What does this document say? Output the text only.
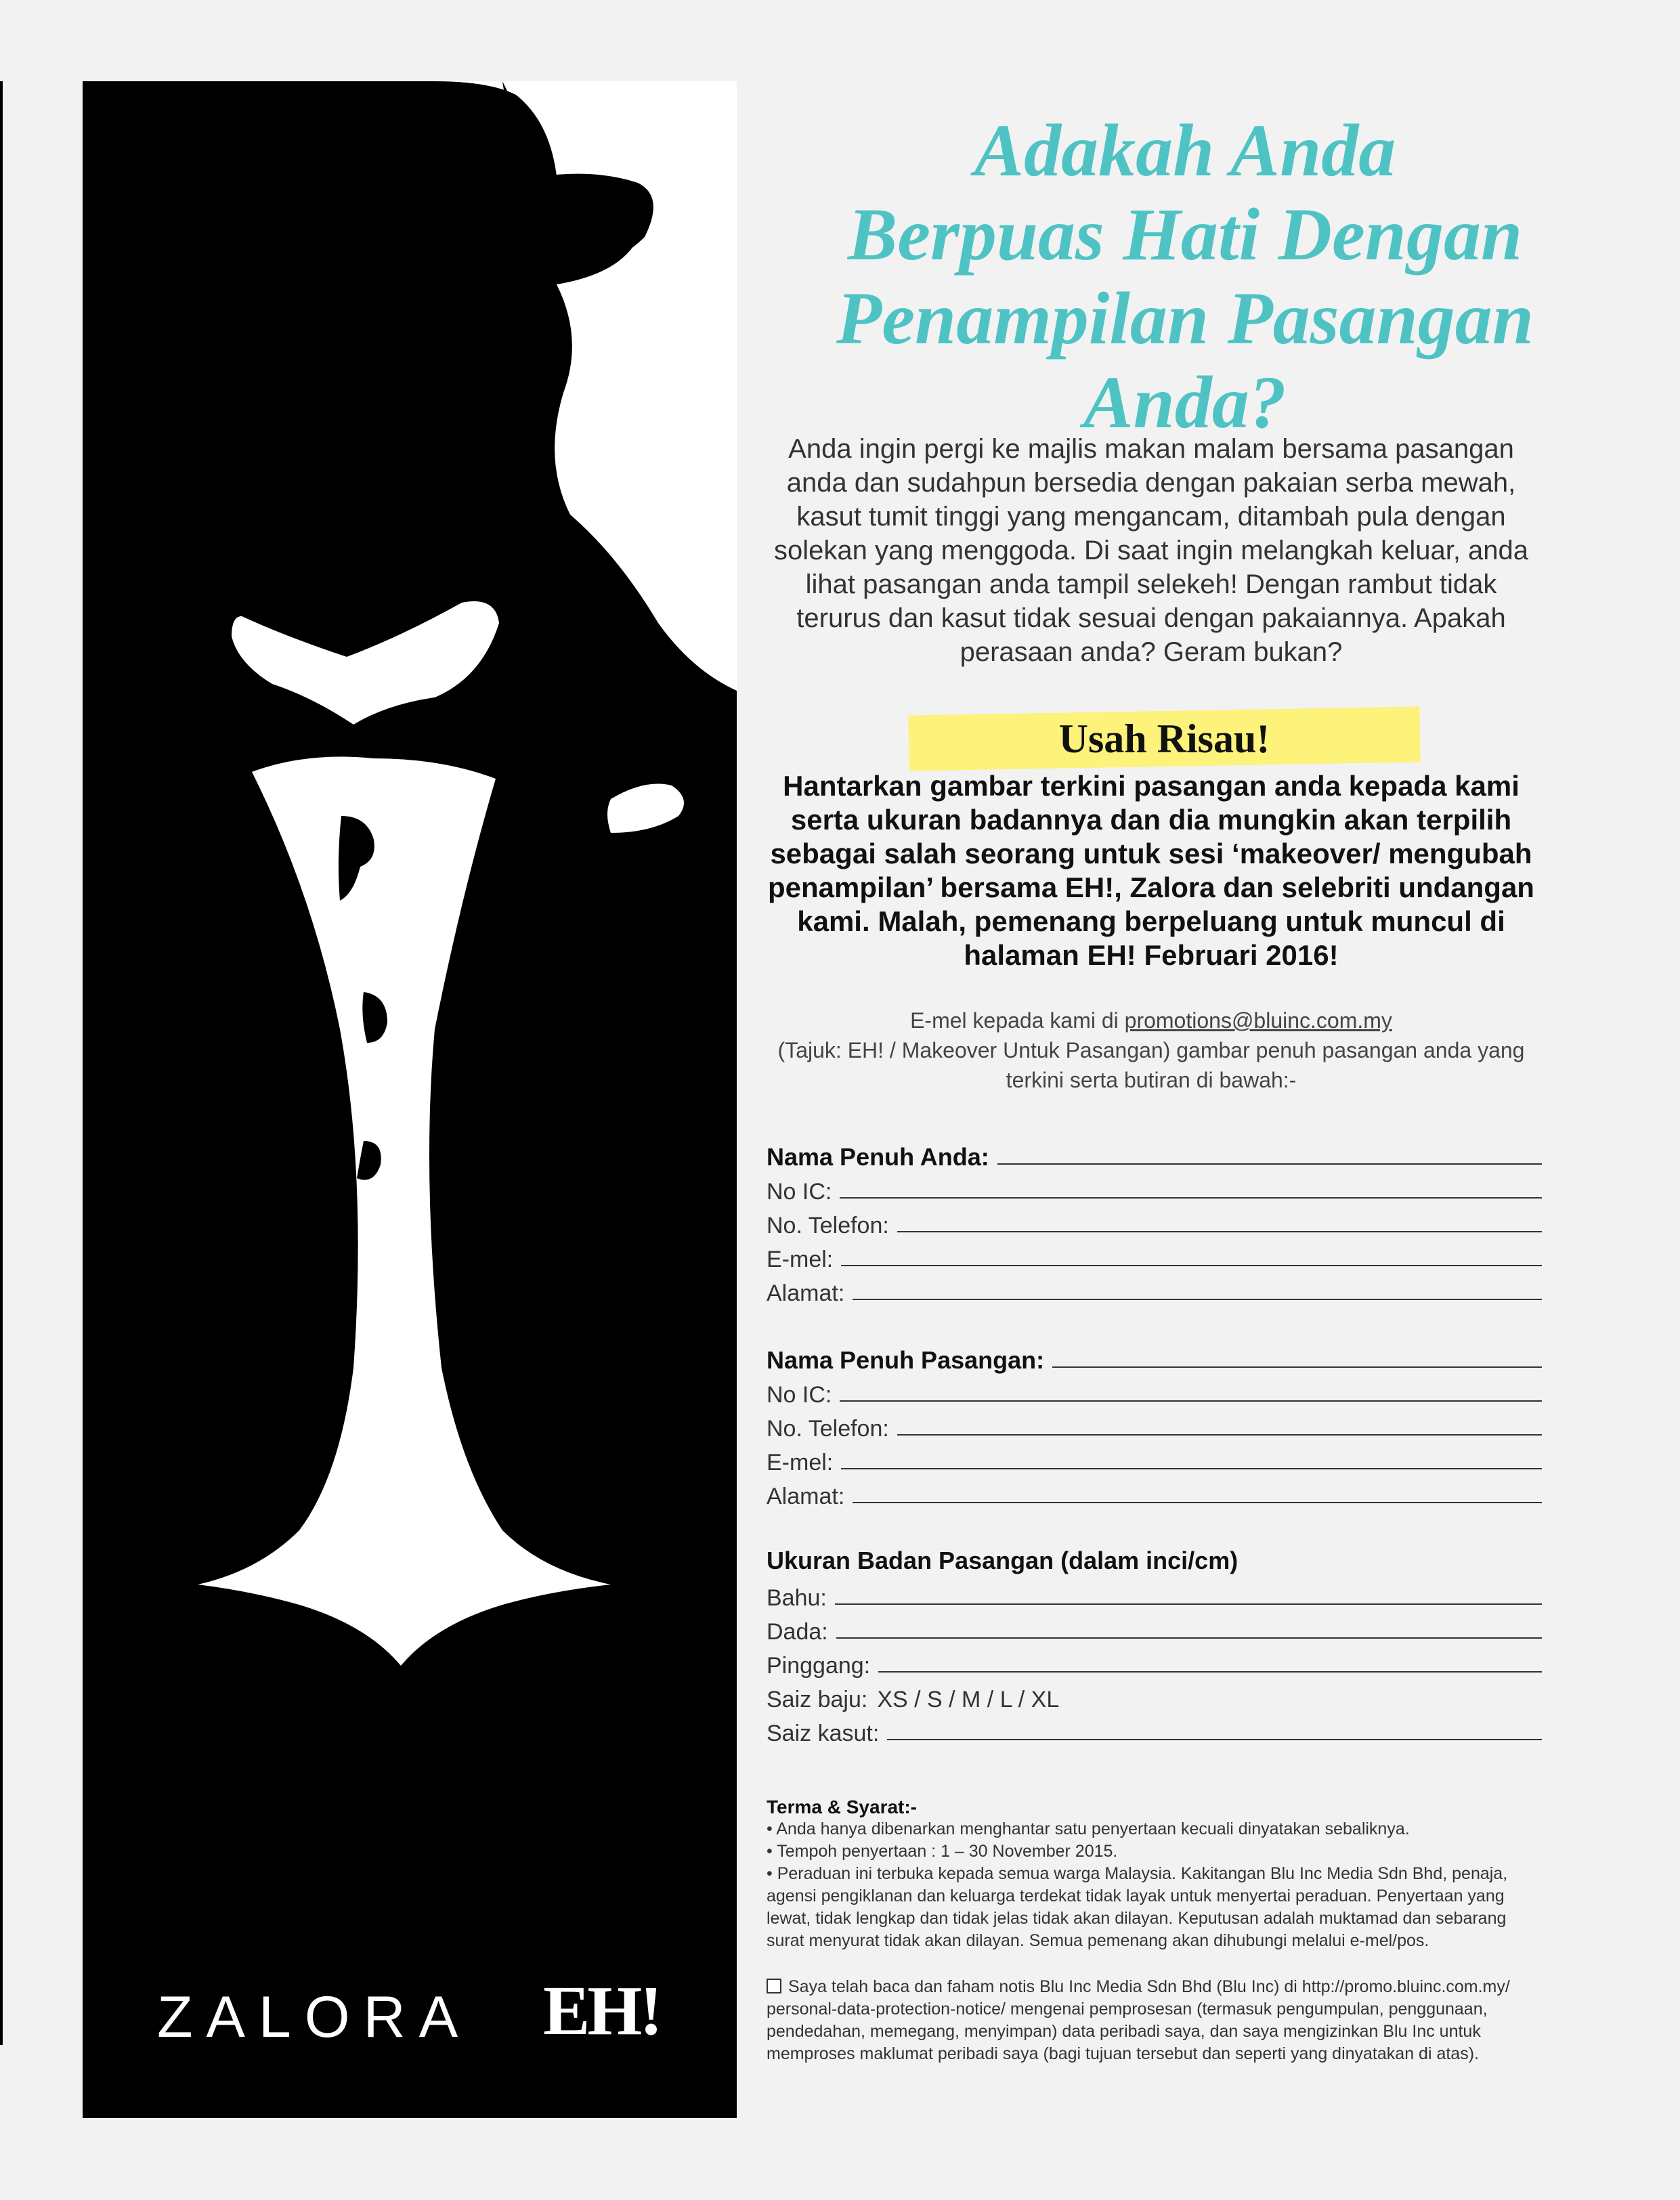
ZALORA EH!
Adakah Anda
Berpuas Hati Dengan
Penampilan Pasangan
Anda?

Anda ingin pergi ke majlis makan malam bersama pasangan anda dan sudahpun bersedia dengan pakaian serba mewah, kasut tumit tinggi yang mengancam, ditambah pula dengan solekan yang menggoda. Di saat ingin melangkah keluar, anda lihat pasangan anda tampil selekeh! Dengan rambut tidak terurus dan kasut tidak sesuai dengan pakaiannya. Apakah perasaan anda? Geram bukan?

Usah Risau!

Hantarkan gambar terkini pasangan anda kepada kami serta ukuran badannya dan dia mungkin akan terpilih sebagai salah seorang untuk sesi ‘makeover/ mengubah penampilan’ bersama EH!, Zalora dan selebriti undangan kami. Malah, pemenang berpeluang untuk muncul di halaman EH! Februari 2016!

E-mel kepada kami di promotions@bluinc.com.my
(Tajuk: EH! / Makeover Untuk Pasangan) gambar penuh pasangan anda yang terkini serta butiran di bawah:-

Nama Penuh Anda:
No IC:
No. Telefon:
E-mel:
Alamat:
Nama Penuh Pasangan:
No IC:
No. Telefon:
E-mel:
Alamat:
Ukuran Badan Pasangan (dalam inci/cm)
Bahu:
Dada:
Pinggang:
Saiz baju: XS / S / M / L / XL
Saiz kasut:

Terma & Syarat:-

• Anda hanya dibenarkan menghantar satu penyertaan kecuali dinyatakan sebaliknya.

• Tempoh penyertaan : 1 – 30 November 2015.

• Peraduan ini terbuka kepada semua warga Malaysia. Kakitangan Blu Inc Media Sdn Bhd, penaja, agensi pengiklanan dan keluarga terdekat tidak layak untuk menyertai peraduan. Penyertaan yang lewat, tidak lengkap dan tidak jelas tidak akan dilayan. Keputusan adalah muktamad dan sebarang surat menyurat tidak akan dilayan. Semua pemenang akan dihubungi melalui e-mel/pos.

Saya telah baca dan faham notis Blu Inc Media Sdn Bhd (Blu Inc) di http://promo.bluinc.com.my/ personal-data-protection-notice/ mengenai pemprosesan (termasuk pengumpulan, penggunaan, pendedahan, memegang, menyimpan) data peribadi saya, dan saya mengizinkan Blu Inc untuk memproses maklumat peribadi saya (bagi tujuan tersebut dan seperti yang dinyatakan di atas).
